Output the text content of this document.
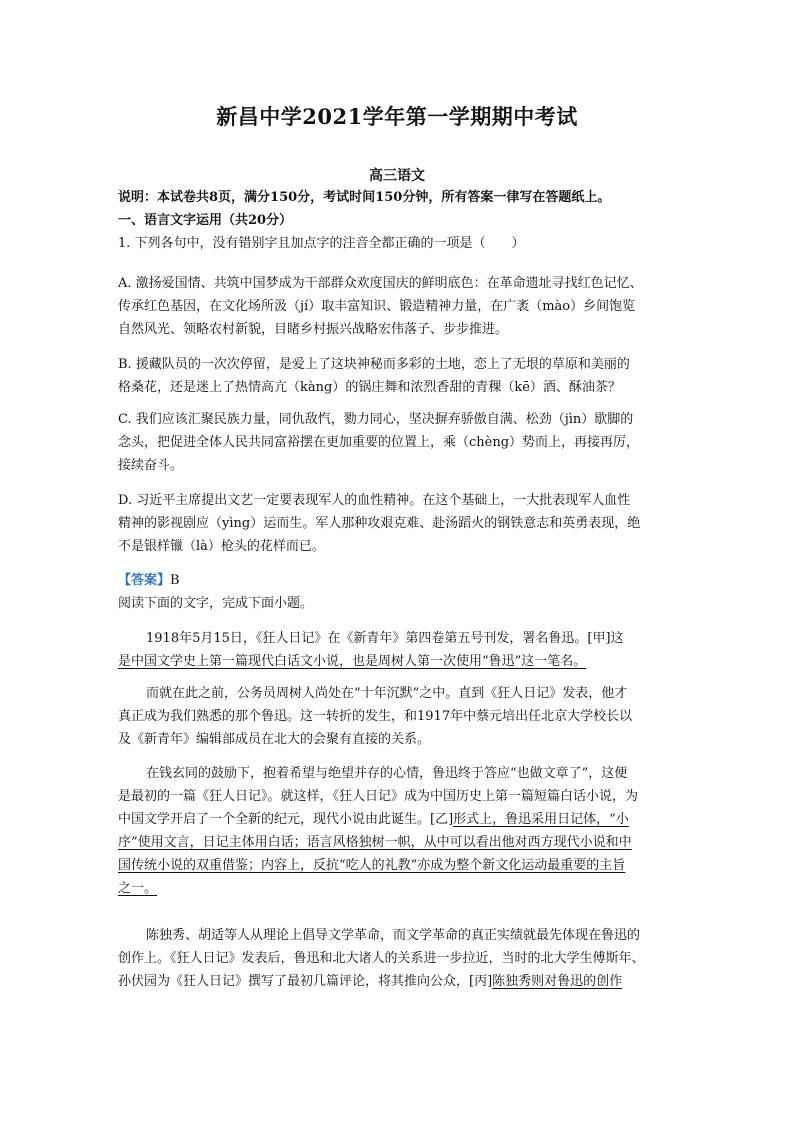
新昌中学2021学年第一学期期中考试
高三语文
说明：本试卷共8页，满分150分，考试时间150分钟，所有答案一律写在答题纸上。
一、语言文字运用（共20分）
1. 下列各句中，没有错别字且加点字的注音全都正确的一项是（　　）
A. 激扬爱国情、共筑中国梦成为干部群众欢度国庆的鲜明底色：在革命遗址寻找红色记忆、
传承红色基因，在文化场所汲（jí）取丰富知识、锻造精神力量，在广袤（mào）乡间饱览
自然风光、领略农村新貌，目睹乡村振兴战略宏伟落子、步步推进。
B. 援藏队员的一次次停留，是爱上了这块神秘而多彩的土地，恋上了无垠的草原和美丽的
格桑花，还是迷上了热情高亢（kàng）的锅庄舞和浓烈香甜的青稞（kē）酒、酥油茶？
C. 我们应该汇聚民族力量，同仇敌忾，勠力同心，坚决摒弃骄傲自满、松劲（jìn）歇脚的
念头，把促进全体人民共同富裕摆在更加重要的位置上，乘（chèng）势而上，再接再厉，
接续奋斗。
D. 习近平主席提出文艺一定要表现军人的血性精神。在这个基础上，一大批表现军人血性
精神的影视剧应（yìng）运而生。军人那种攻艰克难、赴汤蹈火的钢铁意志和英勇表现，绝
不是银样镴（là）枪头的花样而已。
【答案】B
阅读下面的文字，完成下面小题。
1918年5月15日，《狂人日记》在《新青年》第四卷第五号刊发，署名鲁迅。[甲]这
是中国文学史上第一篇现代白话文小说，也是周树人第一次使用“鲁迅”这一笔名。
而就在此之前，公务员周树人尚处在“十年沉默”之中。直到《狂人日记》发表，他才
真正成为我们熟悉的那个鲁迅。这一转折的发生，和1917年中蔡元培出任北京大学校长以
及《新青年》编辑部成员在北大的会聚有直接的关系。
在钱玄同的鼓励下，抱着希望与绝望并存的心情，鲁迅终于答应“也做文章了”，这便
是最初的一篇《狂人日记》。就这样，《狂人日记》成为中国历史上第一篇短篇白话小说，为
中国文学开启了一个全新的纪元，现代小说由此诞生。[乙]形式上，鲁迅采用日记体，“小
序”使用文言，日记主体用白话；语言风格独树一帜，从中可以看出他对西方现代小说和中
国传统小说的双重借鉴；内容上，反抗“吃人的礼教”亦成为整个新文化运动最重要的主旨
之一。
陈独秀、胡适等人从理论上倡导文学革命，而文学革命的真正实绩就最先体现在鲁迅的
创作上。《狂人日记》发表后，鲁迅和北大诸人的关系进一步拉近，当时的北大学生傅斯年、
孙伏园为《狂人日记》撰写了最初几篇评论，将其推向公众，[丙]陈独秀则对鲁迅的创作
